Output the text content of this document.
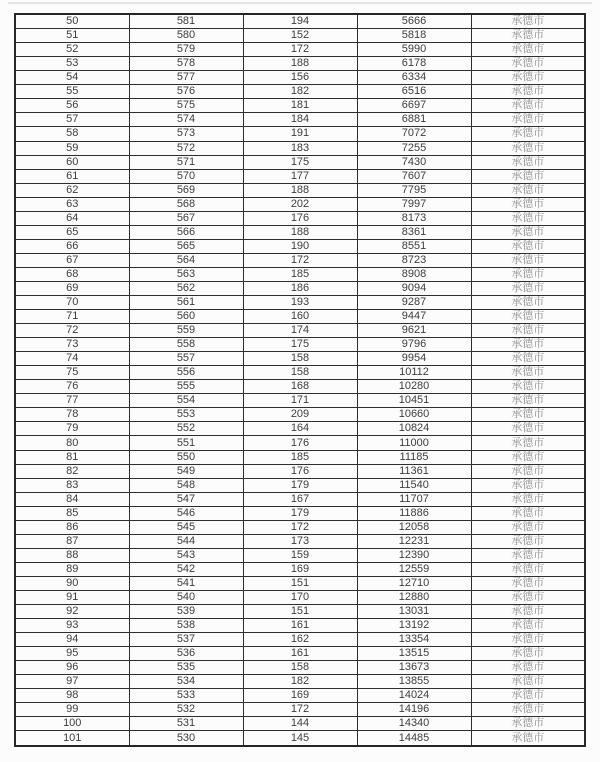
50	581	194	5666	承德市
51	580	152	5818	承德市
52	579	172	5990	承德市
53	578	188	6178	承德市
54	577	156	6334	承德市
55	576	182	6516	承德市
56	575	181	6697	承德市
57	574	184	6881	承德市
58	573	191	7072	承德市
59	572	183	7255	承德市
60	571	175	7430	承德市
61	570	177	7607	承德市
62	569	188	7795	承德市
63	568	202	7997	承德市
64	567	176	8173	承德市
65	566	188	8361	承德市
66	565	190	8551	承德市
67	564	172	8723	承德市
68	563	185	8908	承德市
69	562	186	9094	承德市
70	561	193	9287	承德市
71	560	160	9447	承德市
72	559	174	9621	承德市
73	558	175	9796	承德市
74	557	158	9954	承德市
75	556	158	10112	承德市
76	555	168	10280	承德市
77	554	171	10451	承德市
78	553	209	10660	承德市
79	552	164	10824	承德市
80	551	176	11000	承德市
81	550	185	11185	承德市
82	549	176	11361	承德市
83	548	179	11540	承德市
84	547	167	11707	承德市
85	546	179	11886	承德市
86	545	172	12058	承德市
87	544	173	12231	承德市
88	543	159	12390	承德市
89	542	169	12559	承德市
90	541	151	12710	承德市
91	540	170	12880	承德市
92	539	151	13031	承德市
93	538	161	13192	承德市
94	537	162	13354	承德市
95	536	161	13515	承德市
96	535	158	13673	承德市
97	534	182	13855	承德市
98	533	169	14024	承德市
99	532	172	14196	承德市
100	531	144	14340	承德市
101	530	145	14485	承德市
